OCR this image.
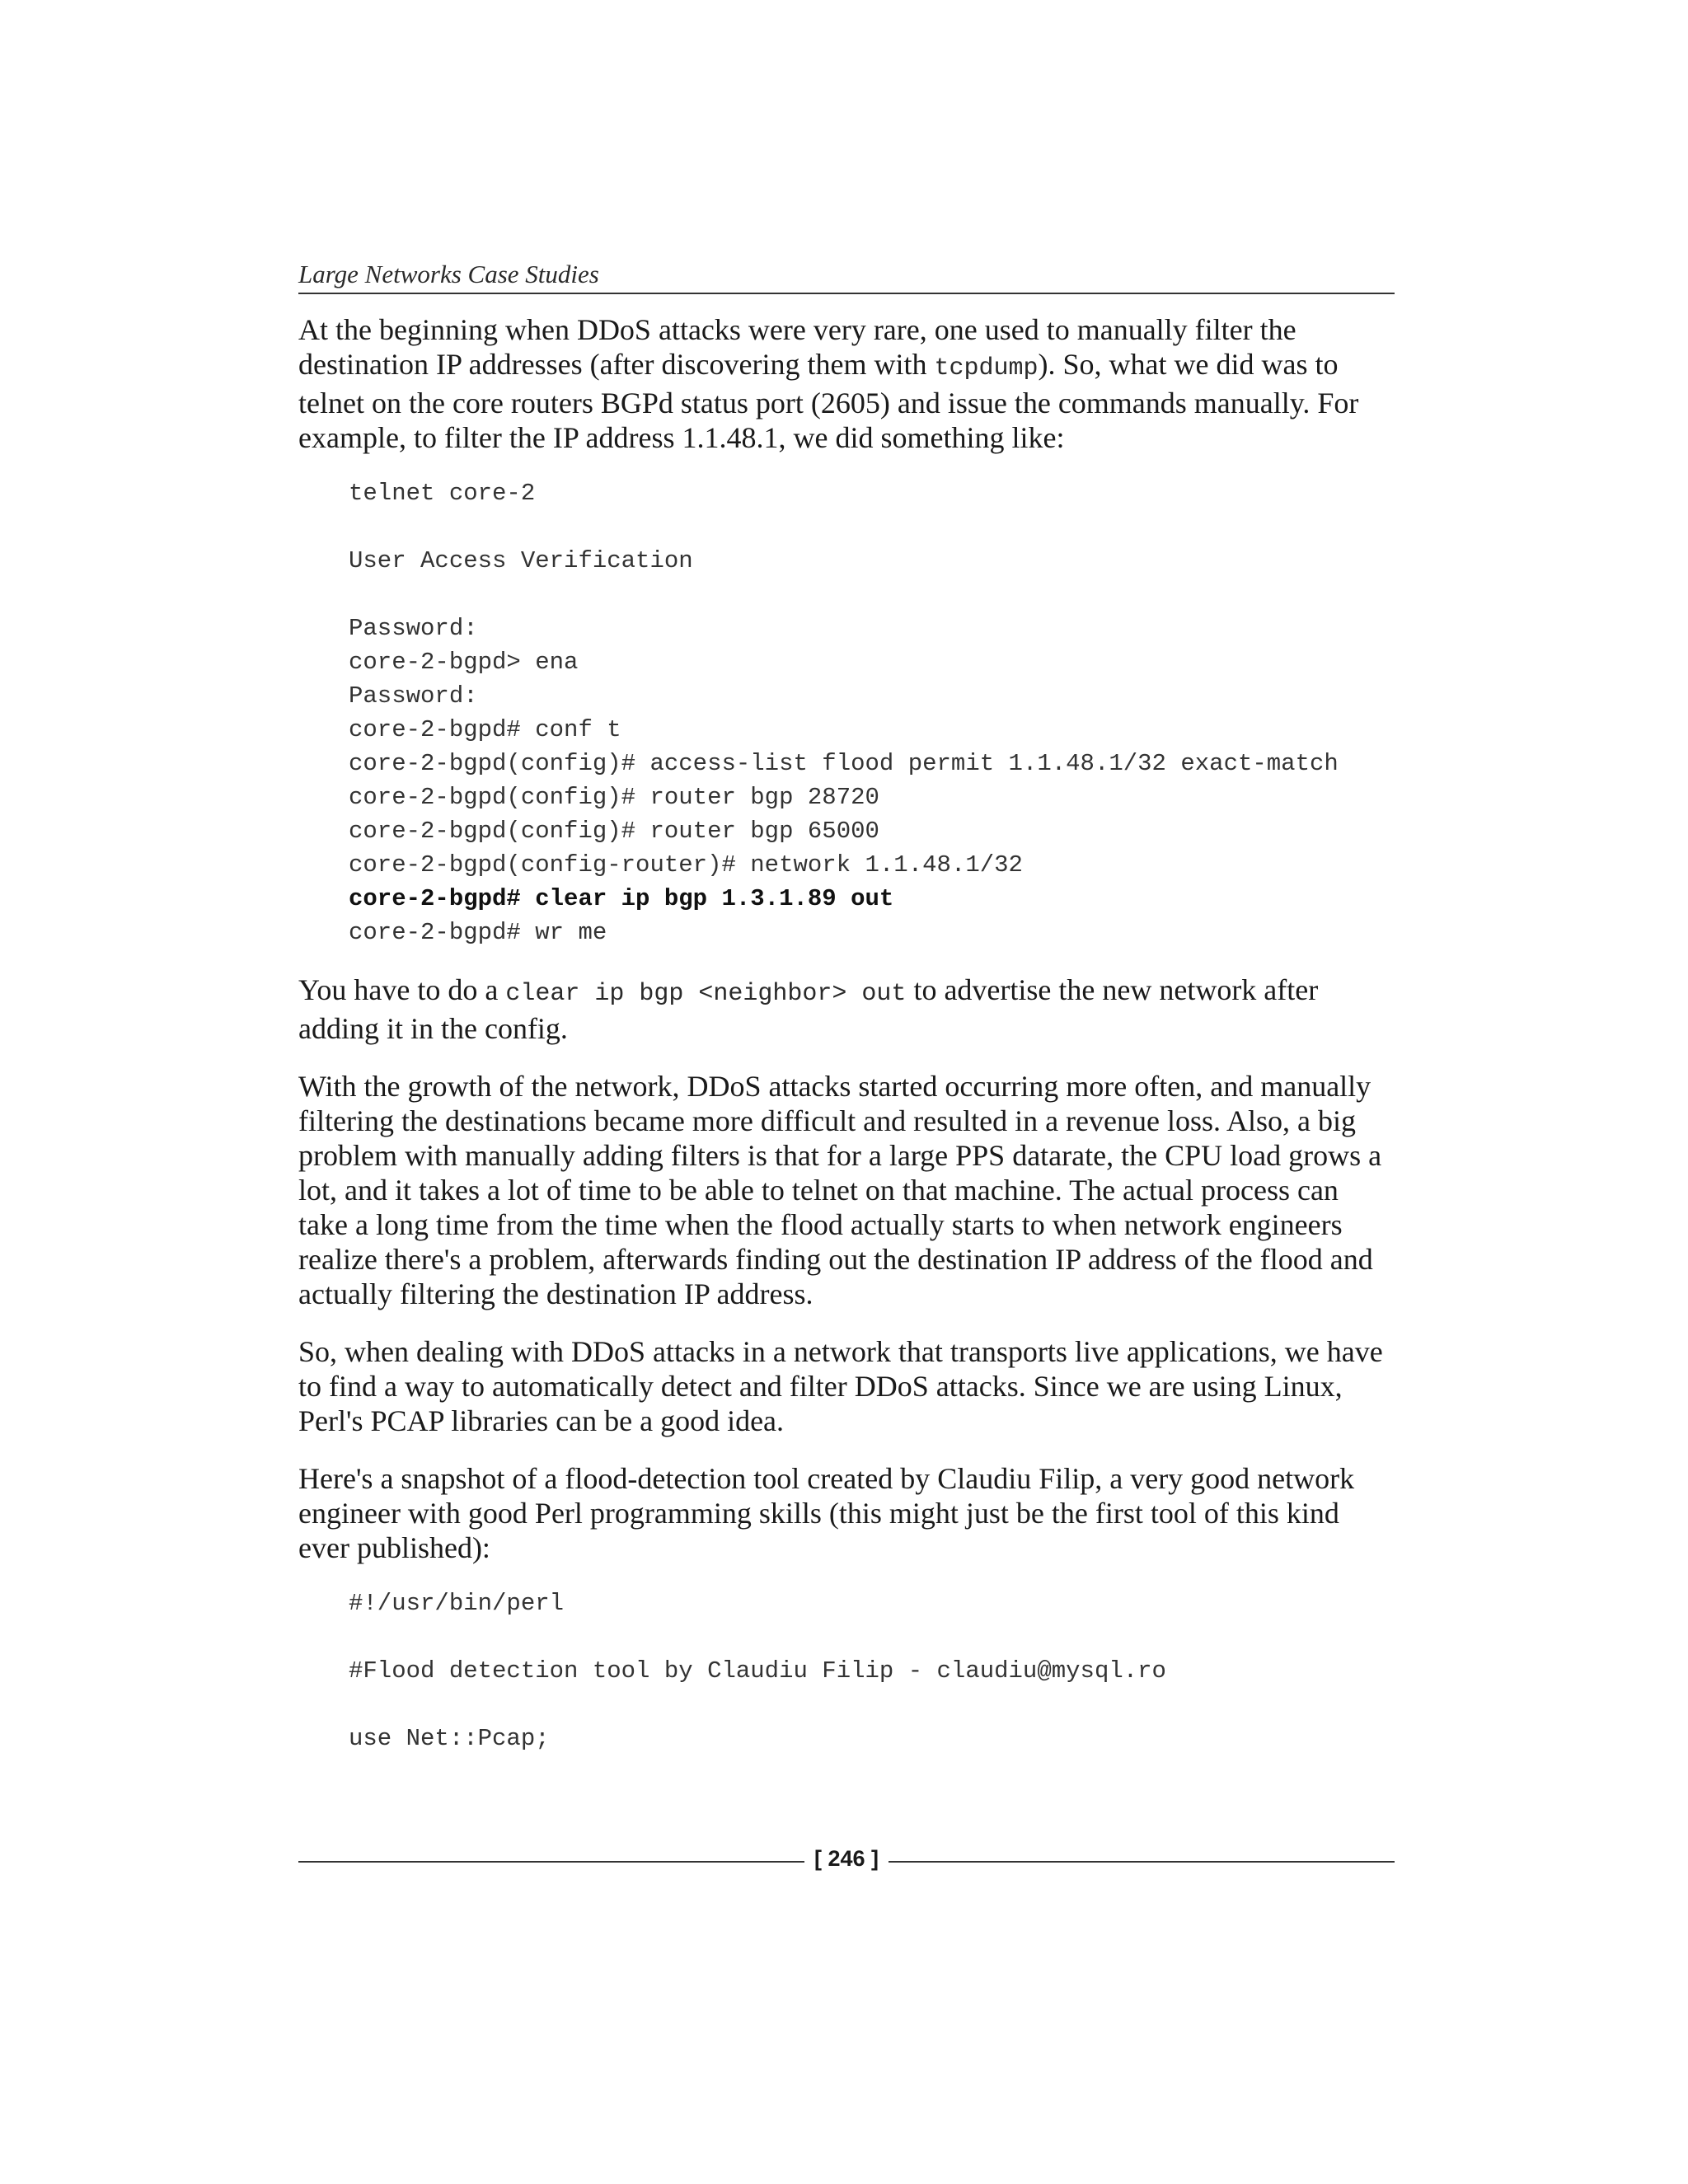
Large Networks Case Studies

At the beginning when DDoS attacks were very rare, one used to manually filter the destination IP addresses (after discovering them with tcpdump). So, what we did was to telnet on the core routers BGPd status port (2605) and issue the commands manually. For example, to filter the IP address 1.1.48.1, we did something like:

telnet core-2
User Access Verification
Password:
core-2-bgpd> ena
Password:
core-2-bgpd# conf t
core-2-bgpd(config)# access-list flood permit 1.1.48.1/32 exact-match
core-2-bgpd(config)# router bgp 28720
core-2-bgpd(config)# router bgp 65000
core-2-bgpd(config-router)# network 1.1.48.1/32
core-2-bgpd# clear ip bgp 1.3.1.89 out
core-2-bgpd# wr me

You have to do a clear ip bgp <neighbor> out to advertise the new network after adding it in the config.

With the growth of the network, DDoS attacks started occurring more often, and manually filtering the destinations became more difficult and resulted in a revenue loss. Also, a big problem with manually adding filters is that for a large PPS datarate, the CPU load grows a lot, and it takes a lot of time to be able to telnet on that machine. The actual process can take a long time from the time when the flood actually starts to when network engineers realize there's a problem, afterwards finding out the destination IP address of the flood and actually filtering the destination IP address.

So, when dealing with DDoS attacks in a network that transports live applications, we have to find a way to automatically detect and filter DDoS attacks. Since we are using Linux, Perl's PCAP libraries can be a good idea.

Here's a snapshot of a flood-detection tool created by Claudiu Filip, a very good network engineer with good Perl programming skills (this might just be the first tool of this kind ever published):

#!/usr/bin/perl
#Flood detection tool by Claudiu Filip - claudiu@mysql.ro
use Net::Pcap;
[ 246 ]
